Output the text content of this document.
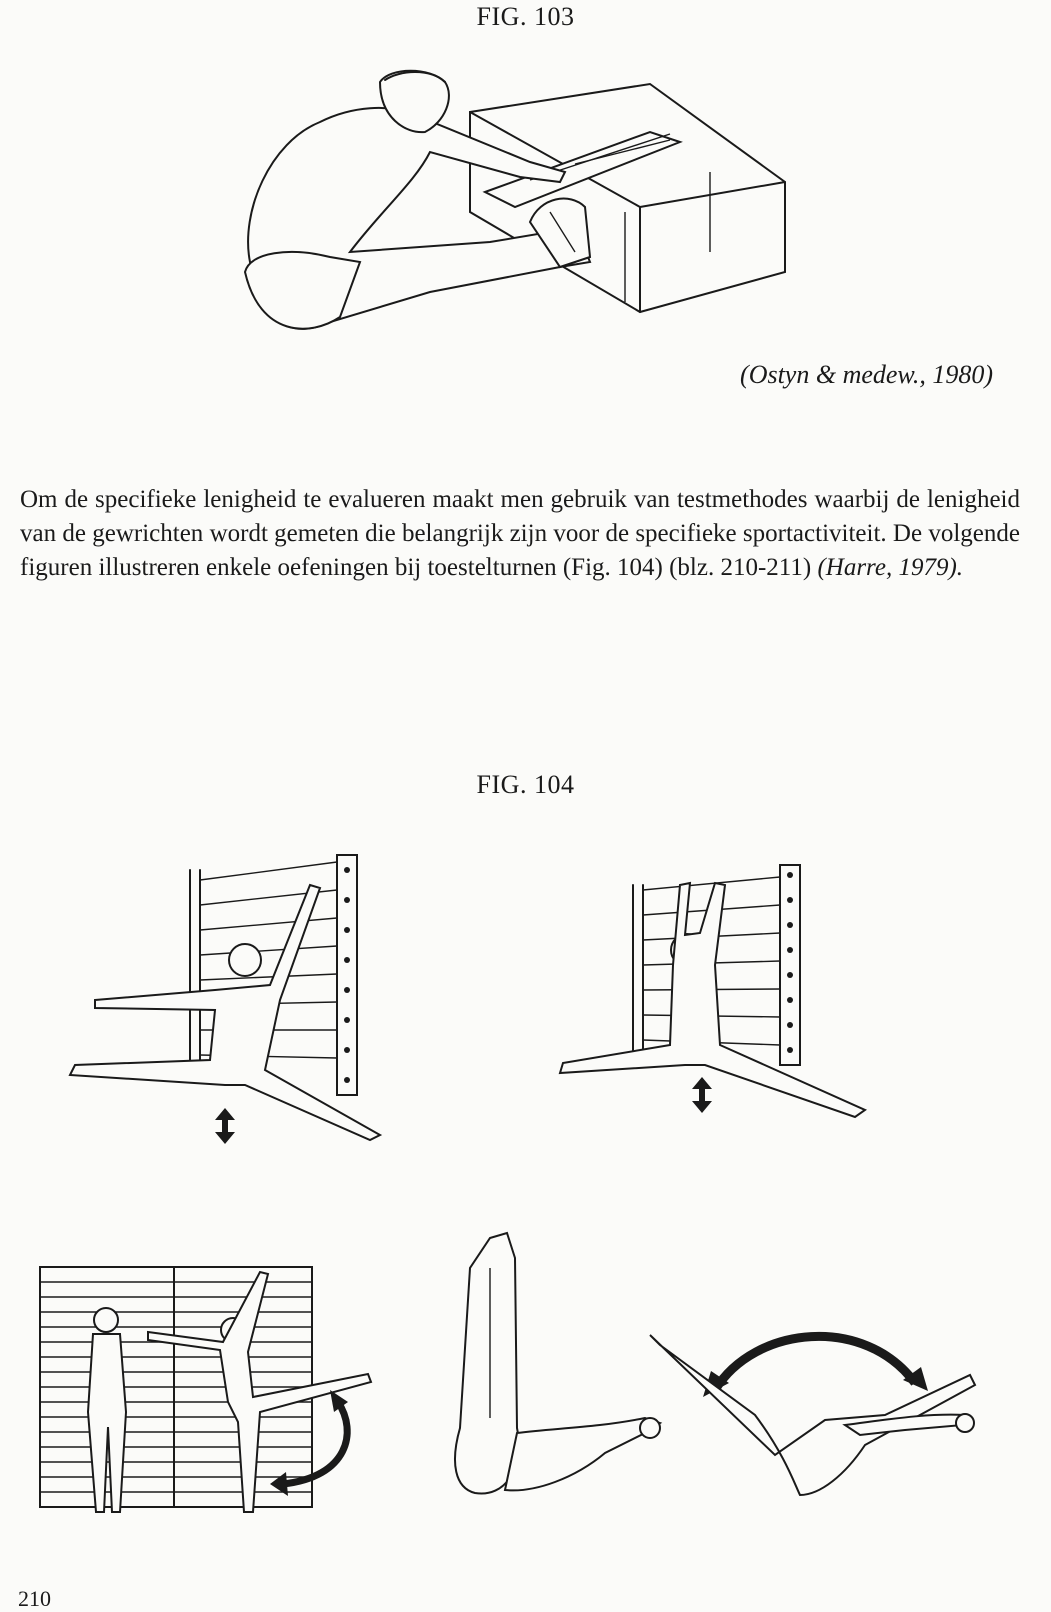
FIG. 103
(Ostyn & medew., 1980)
Om de specifieke lenigheid te evalueren maakt men gebruik van testmethodes waarbij de lenigheid van de gewrichten wordt gemeten die belangrijk zijn voor de specifieke sportactiviteit. De volgende figuren illustreren enkele oefeningen bij toestelturnen (Fig. 104) (blz. 210-211) (Harre, 1979).
FIG. 104
210
